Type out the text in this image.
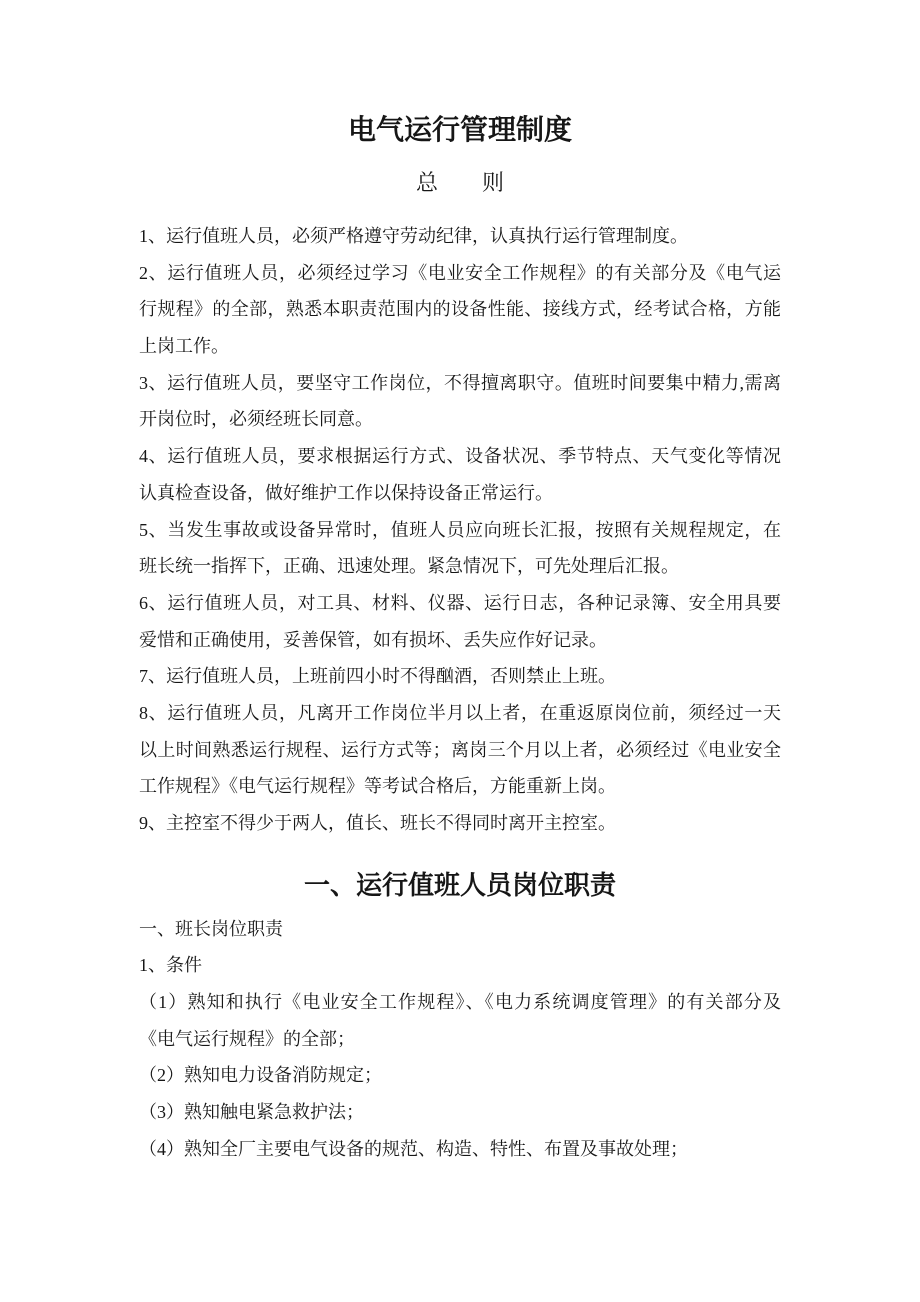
电气运行管理制度
总　　则
1、运行值班人员，必须严格遵守劳动纪律，认真执行运行管理制度。
2、运行值班人员，必须经过学习《电业安全工作规程》的有关部分及《电气运
行规程》的全部，熟悉本职责范围内的设备性能、接线方式，经考试合格，方能
上岗工作。
3、运行值班人员，要坚守工作岗位，不得擅离职守。值班时间要集中精力,需离
开岗位时，必须经班长同意。
4、运行值班人员，要求根据运行方式、设备状况、季节特点、天气变化等情况
认真检查设备，做好维护工作以保持设备正常运行。
5、当发生事故或设备异常时，值班人员应向班长汇报，按照有关规程规定，在
班长统一指挥下，正确、迅速处理。紧急情况下，可先处理后汇报。
6、运行值班人员，对工具、材料、仪器、运行日志，各种记录簿、安全用具要
爱惜和正确使用，妥善保管，如有损坏、丢失应作好记录。
7、运行值班人员，上班前四小时不得酗酒，否则禁止上班。
8、运行值班人员，凡离开工作岗位半月以上者，在重返原岗位前，须经过一天
以上时间熟悉运行规程、运行方式等；离岗三个月以上者，必须经过《电业安全
工作规程》《电气运行规程》等考试合格后，方能重新上岗。
9、主控室不得少于两人，值长、班长不得同时离开主控室。
一、运行值班人员岗位职责
一、班长岗位职责
1、条件
（1）熟知和执行《电业安全工作规程》、《电力系统调度管理》的有关部分及
《电气运行规程》的全部；
（2）熟知电力设备消防规定；
（3）熟知触电紧急救护法；
（4）熟知全厂主要电气设备的规范、构造、特性、布置及事故处理；
